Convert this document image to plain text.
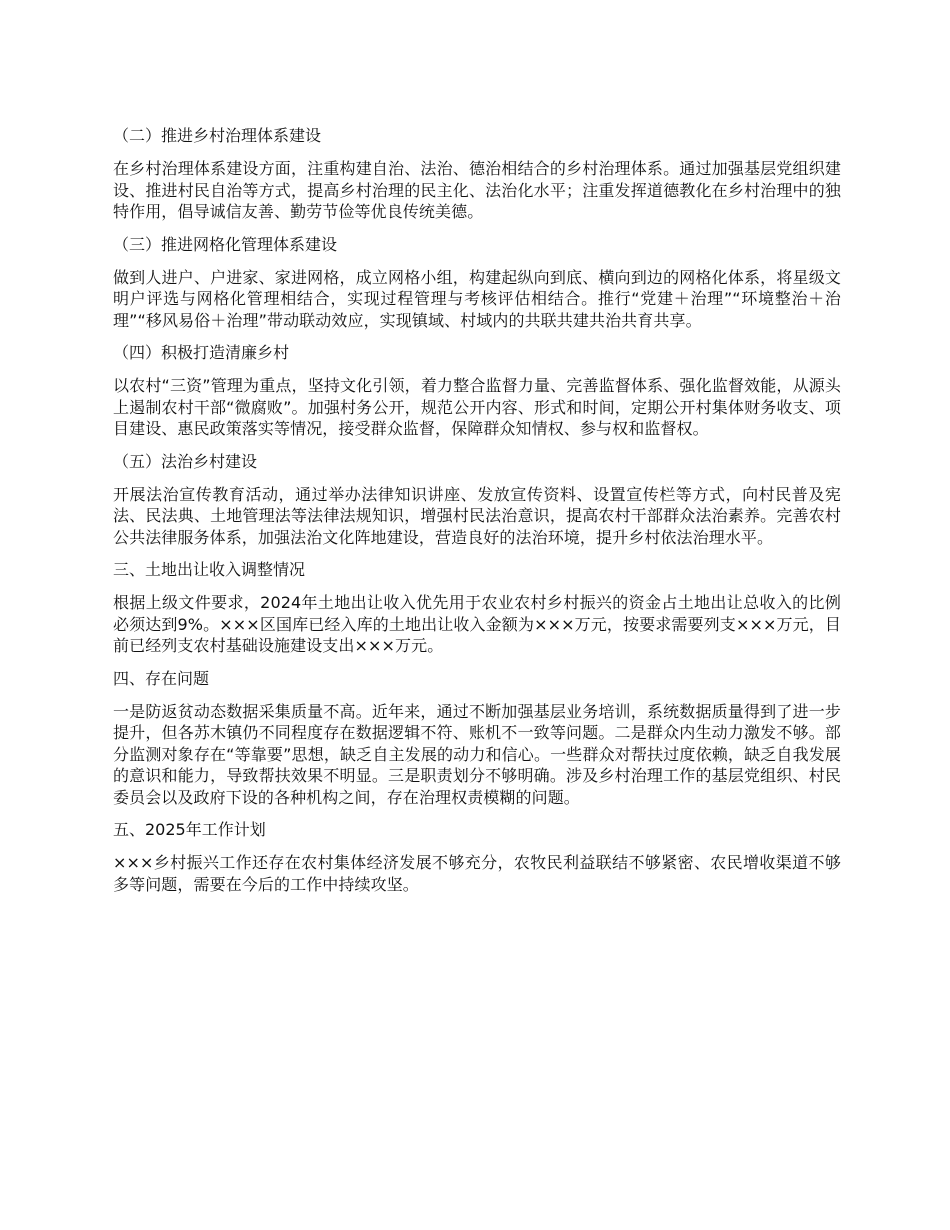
（二）推进乡村治理体系建设
在乡村治理体系建设方面，注重构建自治、法治、德治相结合的乡村治理体系。通过加强基层党组织建设、推进村民自治等方式，提高乡村治理的民主化、法治化水平；注重发挥道德教化在乡村治理中的独特作用，倡导诚信友善、勤劳节俭等优良传统美德。
（三）推进网格化管理体系建设
做到人进户、户进家、家进网格，成立网格小组，构建起纵向到底、横向到边的网格化体系，将星级文明户评选与网格化管理相结合，实现过程管理与考核评估相结合。推行“党建＋治理”“环境整治＋治理”“移风易俗＋治理”带动联动效应，实现镇域、村域内的共联共建共治共育共享。
（四）积极打造清廉乡村
以农村“三资”管理为重点，坚持文化引领，着力整合监督力量、完善监督体系、强化监督效能，从源头上遏制农村干部“微腐败”。加强村务公开，规范公开内容、形式和时间，定期公开村集体财务收支、项目建设、惠民政策落实等情况，接受群众监督，保障群众知情权、参与权和监督权。
（五）法治乡村建设
开展法治宣传教育活动，通过举办法律知识讲座、发放宣传资料、设置宣传栏等方式，向村民普及宪法、民法典、土地管理法等法律法规知识，增强村民法治意识，提高农村干部群众法治素养。完善农村公共法律服务体系，加强法治文化阵地建设，营造良好的法治环境，提升乡村依法治理水平。
三、土地出让收入调整情况
根据上级文件要求，2024年土地出让收入优先用于农业农村乡村振兴的资金占土地出让总收入的比例必须达到9%。×××区国库已经入库的土地出让收入金额为×××万元，按要求需要列支×××万元，目前已经列支农村基础设施建设支出×××万元。
四、存在问题
一是防返贫动态数据采集质量不高。近年来，通过不断加强基层业务培训，系统数据质量得到了进一步提升，但各苏木镇仍不同程度存在数据逻辑不符、账机不一致等问题。二是群众内生动力激发不够。部分监测对象存在“等靠要”思想，缺乏自主发展的动力和信心。一些群众对帮扶过度依赖，缺乏自我发展的意识和能力，导致帮扶效果不明显。三是职责划分不够明确。涉及乡村治理工作的基层党组织、村民委员会以及政府下设的各种机构之间，存在治理权责模糊的问题。
五、2025年工作计划
×××乡村振兴工作还存在农村集体经济发展不够充分，农牧民利益联结不够紧密、农民增收渠道不够多等问题，需要在今后的工作中持续攻坚。
